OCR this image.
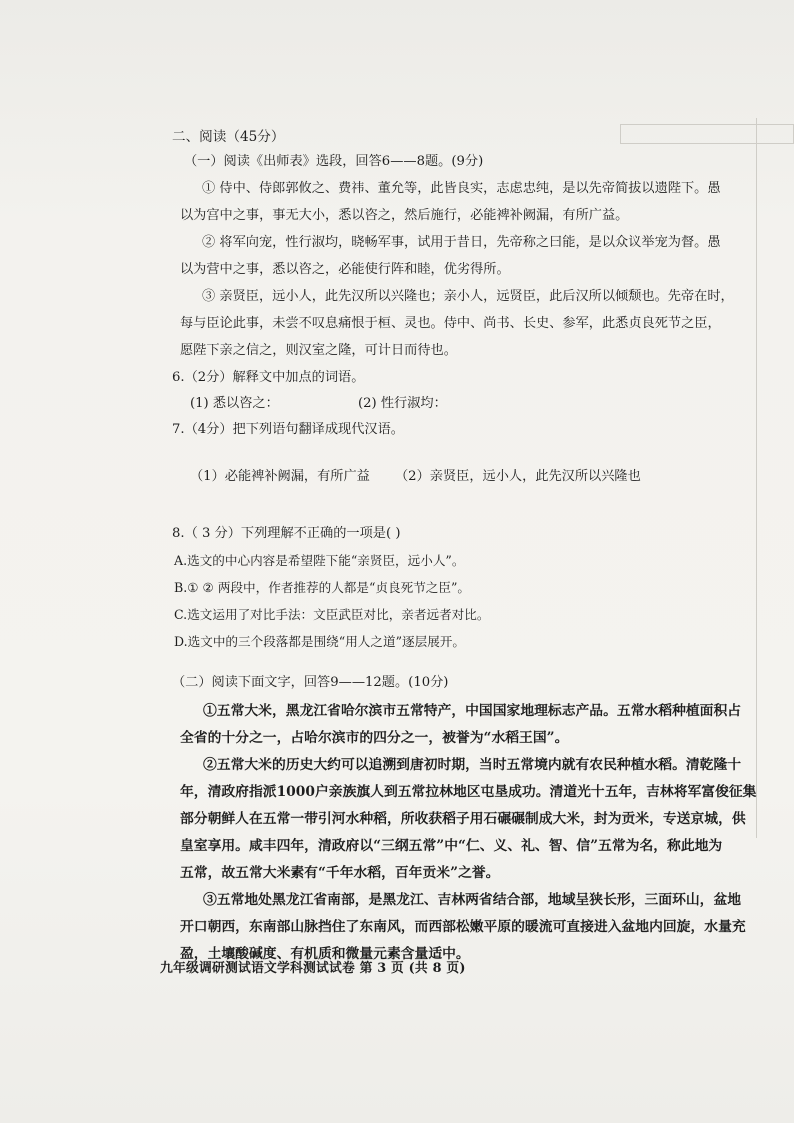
二、阅读（45分）
（一）阅读《出师表》选段，回答6——8题。(9分)
① 侍中、侍郎郭攸之、费祎、董允等，此皆良实，志虑忠纯，是以先帝简拔以遗陛下。愚
以为宫中之事，事无大小，悉以咨之，然后施行，必能裨补阙漏，有所广益。
② 将军向宠，性行淑均，晓畅军事，试用于昔日，先帝称之曰能，是以众议举宠为督。愚
以为营中之事，悉以咨之，必能使行阵和睦，优劣得所。
③ 亲贤臣，远小人，此先汉所以兴隆也；亲小人，远贤臣，此后汉所以倾颓也。先帝在时，
每与臣论此事，未尝不叹息痛恨于桓、灵也。侍中、尚书、长史、参军，此悉贞良死节之臣，
愿陛下亲之信之，则汉室之隆，可计日而待也。
6.（2分）解释文中加点的词语。
(1) 悉以咨之：	(2) 性行淑均：
7.（4分）把下列语句翻译成现代汉语。
（1）必能裨补阙漏，有所广益 （2）亲贤臣，远小人，此先汉所以兴隆也
8.（ 3 分）下列理解不正确的一项是( )
A.选文的中心内容是希望陛下能“亲贤臣，远小人”。
B.① ② 两段中，作者推荐的人都是“贞良死节之臣”。
C.选文运用了对比手法：文臣武臣对比，亲者远者对比。
D.选文中的三个段落都是围绕“用人之道”逐层展开。
（二）阅读下面文字，回答9——12题。(10分)
①五常大米，黑龙江省哈尔滨市五常特产，中国国家地理标志产品。五常水稻种植面积占
全省的十分之一，占哈尔滨市的四分之一，被誉为“水稻王国”。
②五常大米的历史大约可以追溯到唐初时期，当时五常境内就有农民种植水稻。清乾隆十
年，清政府指派1000户亲族旗人到五常拉林地区屯垦成功。清道光十五年，吉林将军富俊征集
部分朝鲜人在五常一带引河水种稻，所收获稻子用石碾碾制成大米，封为贡米，专送京城，供
皇室享用。咸丰四年，清政府以“三纲五常”中“仁、义、礼、智、信”五常为名，称此地为
五常，故五常大米素有“千年水稻，百年贡米”之誉。
③五常地处黑龙江省南部，是黑龙江、吉林两省结合部，地域呈狭长形，三面环山，盆地
开口朝西，东南部山脉挡住了东南风，而西部松嫩平原的暖流可直接进入盆地内回旋，水量充
盈，土壤酸碱度、有机质和微量元素含量适中。
九年级调研测试语文学科测试试卷 第 3 页 (共 8 页)
